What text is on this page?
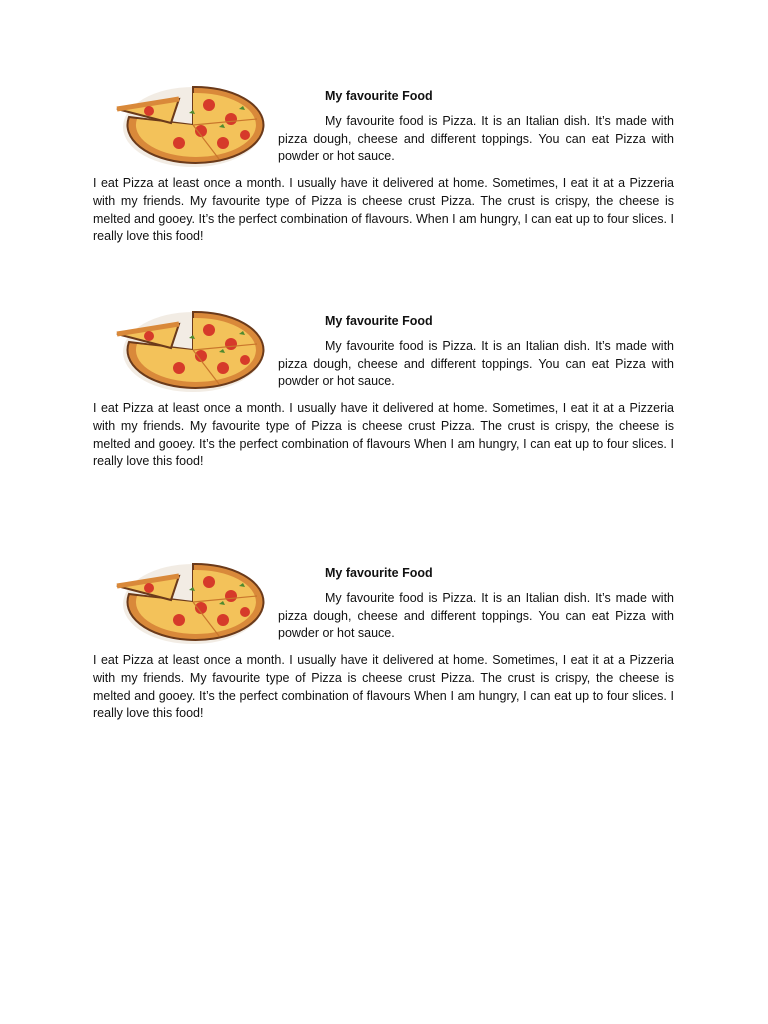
My favourite Food

My favourite food is Pizza. It is an Italian dish. It’s made with pizza dough, cheese and different toppings. You can eat Pizza with powder or hot sauce.

I eat Pizza at least once a month. I usually have it delivered at home. Sometimes, I eat it at a Pizzeria with my friends. My favourite type of Pizza is cheese crust Pizza. The crust is crispy, the cheese is melted and gooey. It’s the perfect combination of flavours. When I am hungry, I can eat up to four slices. I really love this food!

My favourite Food

My favourite food is Pizza. It is an Italian dish. It’s made with pizza dough, cheese and different toppings. You can eat Pizza with powder or hot sauce.

I eat Pizza at least once a month. I usually have it delivered at home. Sometimes, I eat it at a Pizzeria with my friends. My favourite type of Pizza is cheese crust Pizza. The crust is crispy, the cheese is melted and gooey. It’s the perfect combination of flavours When I am hungry, I can eat up to four slices. I really love this food!

My favourite Food

My favourite food is Pizza. It is an Italian dish. It’s made with pizza dough, cheese and different toppings. You can eat Pizza with powder or hot sauce.

I eat Pizza at least once a month. I usually have it delivered at home. Sometimes, I eat it at a Pizzeria with my friends. My favourite type of Pizza is cheese crust Pizza. The crust is crispy, the cheese is melted and gooey. It’s the perfect combination of flavours When I am hungry, I can eat up to four slices. I really love this food!
